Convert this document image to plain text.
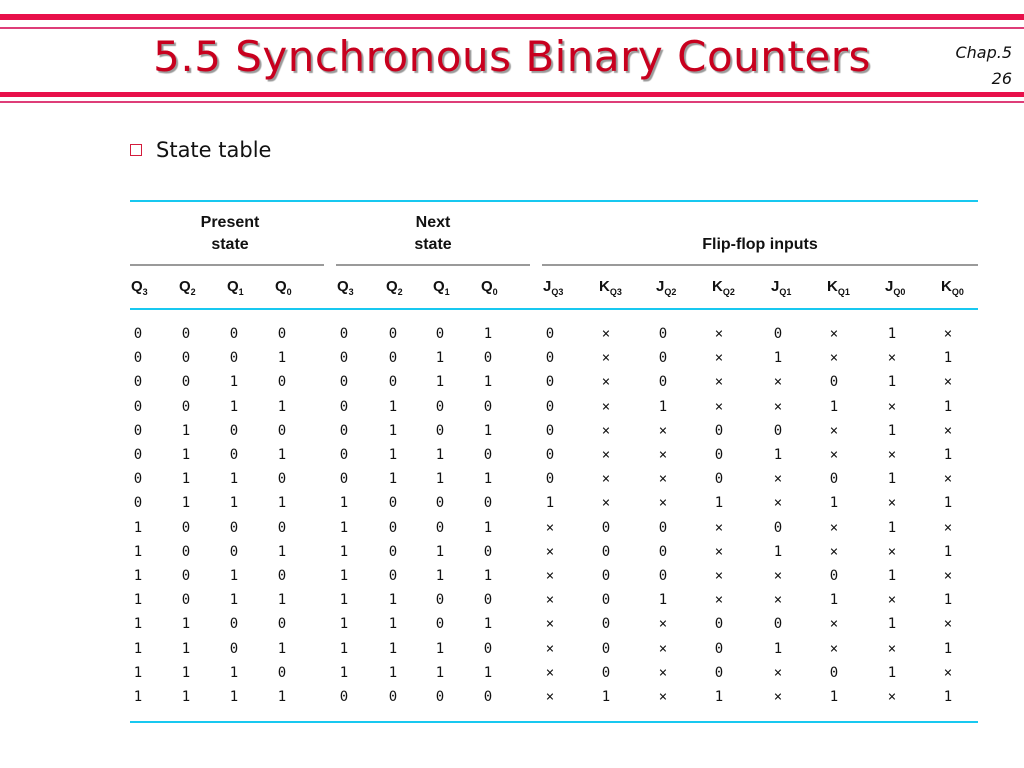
5.5 Synchronous Binary Counters	Chap.5
26
State table
Present
state
Next
state	Flip-flop inputs
$Q_3$ $Q_2$ $Q_1$ $Q_0$	$Q_3$ $Q_2$ $Q_1$ $Q_0$	$J_{Q3}$ $K_{Q3}$ $J_{Q2}$ $K_{Q2}$ $J_{Q1}$ $K_{Q1}$ $J_{Q0}$ $K_{Q0}$
0	0	0	0	0	0	0	1	0	×	0	×	0	×	1	×
0	0	0	1	0	0	1	0	0	×	0	×	1	×	×	1
0	0	1	0	0	0	1	1	0	×	0	×	×	0	1	×
0	0	1	1	0	1	0	0	0	×	1	×	×	1	×	1
0	1	0	0	0	1	0	1	0	×	×	0	0	×	1	×
0	1	0	1	0	1	1	0	0	×	×	0	1	×	×	1
0	1	1	0	0	1	1	1	0	×	×	0	×	0	1	×
0	1	1	1	1	0	0	0	1	×	×	1	×	1	×	1
1	0	0	0	1	0	0	1	×	0	0	×	0	×	1	×
1	0	0	1	1	0	1	0	×	0	0	×	1	×	×	1
1	0	1	0	1	0	1	1	×	0	0	×	×	0	1	×
1	0	1	1	1	1	0	0	×	0	1	×	×	1	×	1
1	1	0	0	1	1	0	1	×	0	×	0	0	×	1	×
1	1	0	1	1	1	1	0	×	0	×	0	1	×	×	1
1	1	1	0	1	1	1	1	×	0	×	0	×	0	1	×
1	1	1	1	0	0	0	0	×	1	×	1	×	1	×	1
